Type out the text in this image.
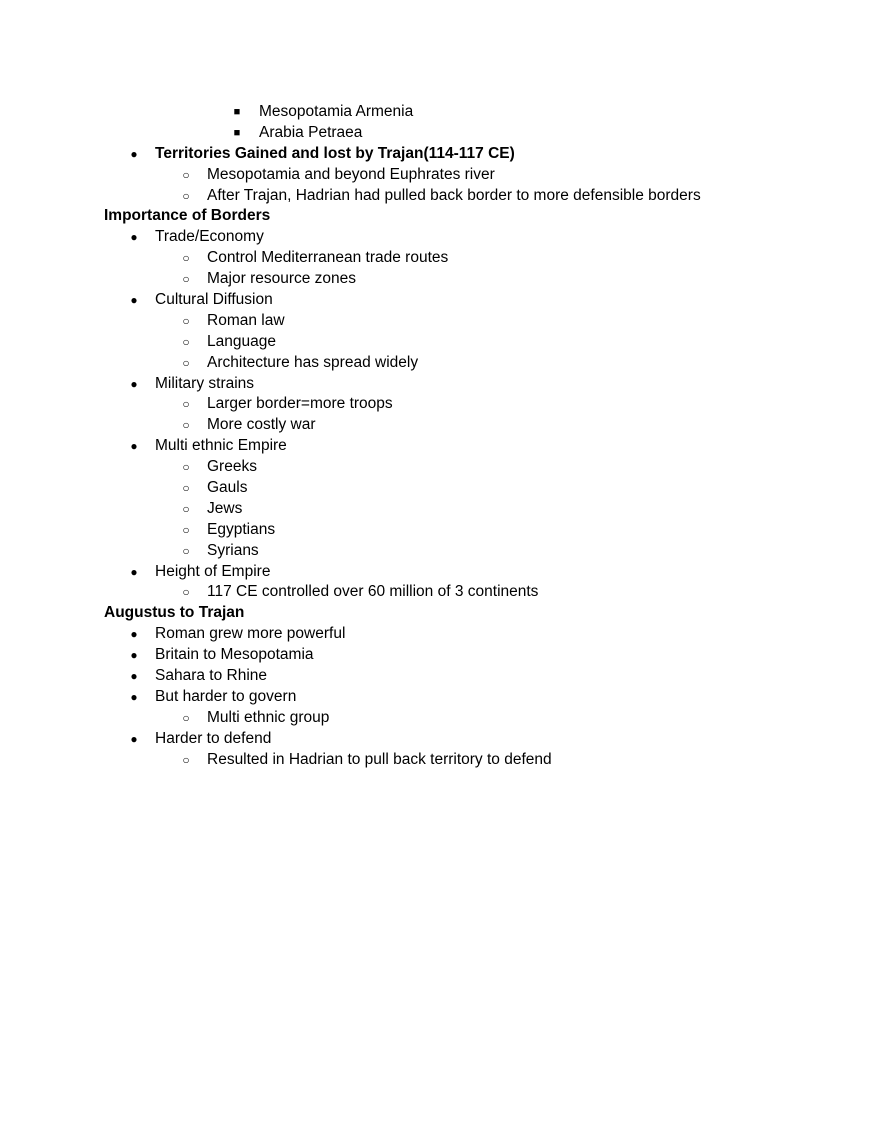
■ Mesopotamia Armenia
■ Arabia Petraea
● Territories Gained and lost by Trajan(114-117 CE)
○ Mesopotamia and beyond Euphrates river
○ After Trajan, Hadrian had pulled back border to more defensible borders
Importance of Borders
● Trade/Economy
○ Control Mediterranean trade routes
○ Major resource zones
● Cultural Diffusion
○ Roman law
○ Language
○ Architecture has spread widely
● Military strains
○ Larger border=more troops
○ More costly war
● Multi ethnic Empire
○ Greeks
○ Gauls
○ Jews
○ Egyptians
○ Syrians
● Height of Empire
○ 117 CE controlled over 60 million of 3 continents
Augustus to Trajan
● Roman grew more powerful
● Britain to Mesopotamia
● Sahara to Rhine
● But harder to govern
○ Multi ethnic group
● Harder to defend
○ Resulted in Hadrian to pull back territory to defend
